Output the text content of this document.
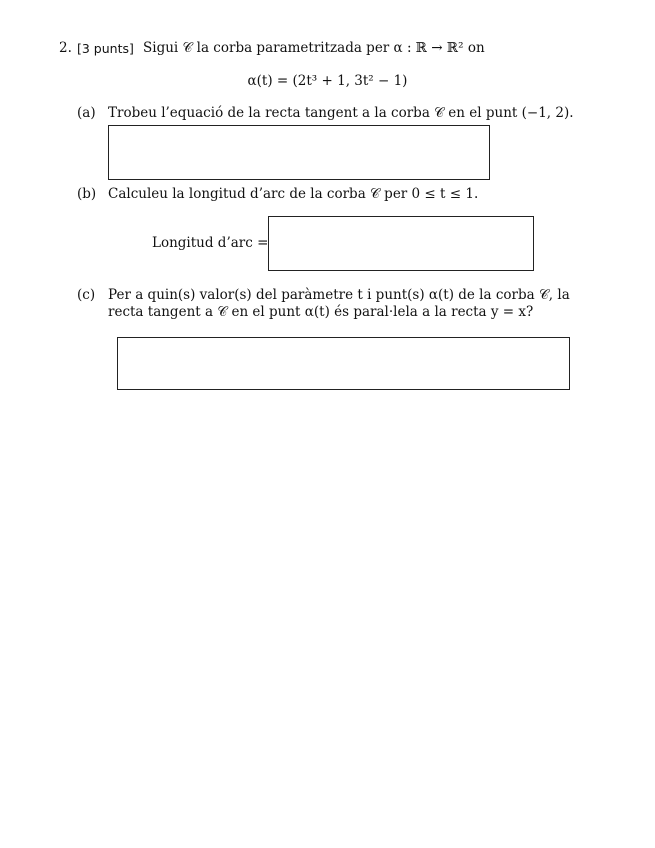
2. [3 punts] Sigui 𝒞 la corba parametritzada per α : ℝ → ℝ² on
α(t) = (2t³ + 1, 3t² − 1)
(a) Trobeu l’equació de la recta tangent a la corba 𝒞 en el punt (−1, 2).
(b) Calculeu la longitud d’arc de la corba 𝒞 per 0 ≤ t ≤ 1.
Longitud d’arc =
(c) Per a quin(s) valor(s) del paràmetre t i punt(s) α(t) de la corba 𝒞, la
recta tangent a 𝒞 en el punt α(t) és paral·lela a la recta y = x?
